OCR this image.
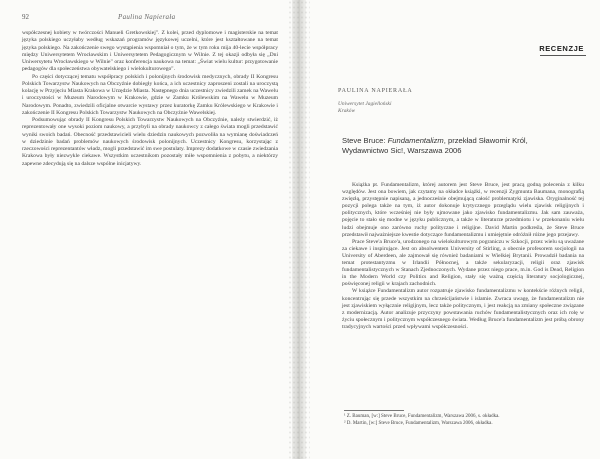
92	Paulina Napierała

współczesnej kobiety w twórczości Manueli Gretkowskiej". Z kolei, przed dyplomowe i magisterskie na temat języka polskiego uczyłaby według wskazań programów językowej uczelni, które jest kształtowane na temat języka polskiego. Na zakończenie swego wystąpienia wspomniał o tym, że w tym roku mija 40-lecie współpracy między Uniwersytetem Wrocławskim i Uniwersytetem Pedagogicznym w Wilnie. Z tej okazji odbyła się „Dni Uniwersytetu Wrocławskiego w Wilnie" oraz konferencja naukowa na temat: „Świat wielu kultur: przygotowanie pedagogów dla społeczeństwa obywatelskiego i wielokulturowego".

Po części dotyczącej tematu współpracy polskich i polonijnych środowisk medycznych, obrady II Kongresu Polskich Towarzystw Naukowych na Obczyźnie dobiegły końca, a ich uczestnicy zaproszeni zostali na uroczystą kolację w Przyjęciu Miasta Krakowa w Urzędzie Miasta. Następnego dnia uczestnicy zwiedzili zamek na Wawelu i uroczystości w Muzeum Narodowym w Krakowie, gdzie w Zamku Królewskim na Wawelu w Muzeum Narodowym. Ponadto, zwiedzili oficjalne otwarcie wystawy przez kuratorkę Zamku Królewskiego w Krakowie i zakończenie II Kongresu Polskich Towarzystw Naukowych na Obczyźnie Wawelskiej.

Podsumowując obrady II Kongresu Polskich Towarzystw Naukowych na Obczyźnie, należy stwierdzić, iż reprezentowały one wysoki poziom naukowy, a przybyli na obrady naukowcy z całego świata mogli przedstawić wyniki swoich badań. Obecność przedstawicieli wielu dziedzin naukowych pozwoliła na wymianę doświadczeń w dziedzinie badań problemów naukowych środowisk polonijnych. Uczestnicy Kongresu, korzystając z rzeczowości reprezentantów władz, mogli przedstawić im swe postulaty. Imprezy dodatkowe w czasie zwiedzania Krakowa były niezwykle ciekawe. Wszystkim uczestnikom pozostały miłe wspomnienia z pobytu, a niektórzy zapewne zdecydują się na dalsze wspólne inicjatywy.

RECENZJE
PAULINA NAPIERAŁA
Uniwersytet Jagielloński
Kraków
Steve Bruce: Fundamentalizm, przekład Sławomir Król,
Wydawnictwo Sic!, Warszawa 2006

Książka pt. Fundamentalizm, której autorem jest Steve Bruce, jest pracą godną polecenia z kilku względów. Jest ona bowiem, jak czytamy na okładce książki, w recenzji Zygmunta Baumana, monografią zwięzłą, przystępnie napisaną, a jednocześnie obejmującą całość problematyki zjawiska. Oryginalność tej pozycji polega także na tym, iż autor dokonuje krytycznego przeglądu wielu zjawisk religijnych i politycznych, które wcześniej nie były ujmowane jako zjawisko fundamentalizmu. Jak sam zauważa, pojęcie to stało się modne w języku publicznym, a także w literaturze przedmiotu i w przekonaniu wielu ludzi obejmuje ono zarówno ruchy polityczne i religijne. David Martin podkreśla, że Steve Bruce przedstawił najważniejsze kwestie dotyczące fundamentalizmu i umiejętnie odróżnił różne jego przejawy.

Prace Steve'a Bruce'a, urodzonego na wielokulturowym pograniczu w Szkocji, przez wielu są uważane za ciekawe i inspirujące. Jest on absolwentem University of Stirling, a obecnie profesorem socjologii na University of Aberdeen, ale zajmował się również badaniami w Wielkiej Brytanii. Prowadził badania na temat protestantyzmu w Irlandii Północnej, a także sekularyzacji, religii oraz zjawisk fundamentalistycznych w Stanach Zjednoczonych. Wydane przez niego prace, m.in. God is Dead, Religion in the Modern World czy Politics and Religion, stały się ważną częścią literatury socjologicznej, poświęconej religii w krajach zachodnich.

W książce Fundamentalizm autor rozpatruje zjawisko fundamentalizmu w kontekście różnych religii, koncentrując się przede wszystkim na chrześcijaństwie i islamie. Zwraca uwagę, że fundamentalizm nie jest zjawiskiem wyłącznie religijnym, lecz także politycznym, i jest reakcją na zmiany społeczne związane z modernizacją. Autor analizuje przyczyny powstawania ruchów fundamentalistycznych oraz ich rolę w życiu społecznym i politycznym współczesnego świata. Według Bruce'a fundamentalizm jest próbą obrony tradycyjnych wartości przed wpływami współczesności.

¹ Z. Bauman, [w:] Steve Bruce, Fundamentalizm, Warszawa 2006, s. okładka.
² D. Martin, [w:] Steve Bruce, Fundamentalizm, Warszawa 2006, okładka.
